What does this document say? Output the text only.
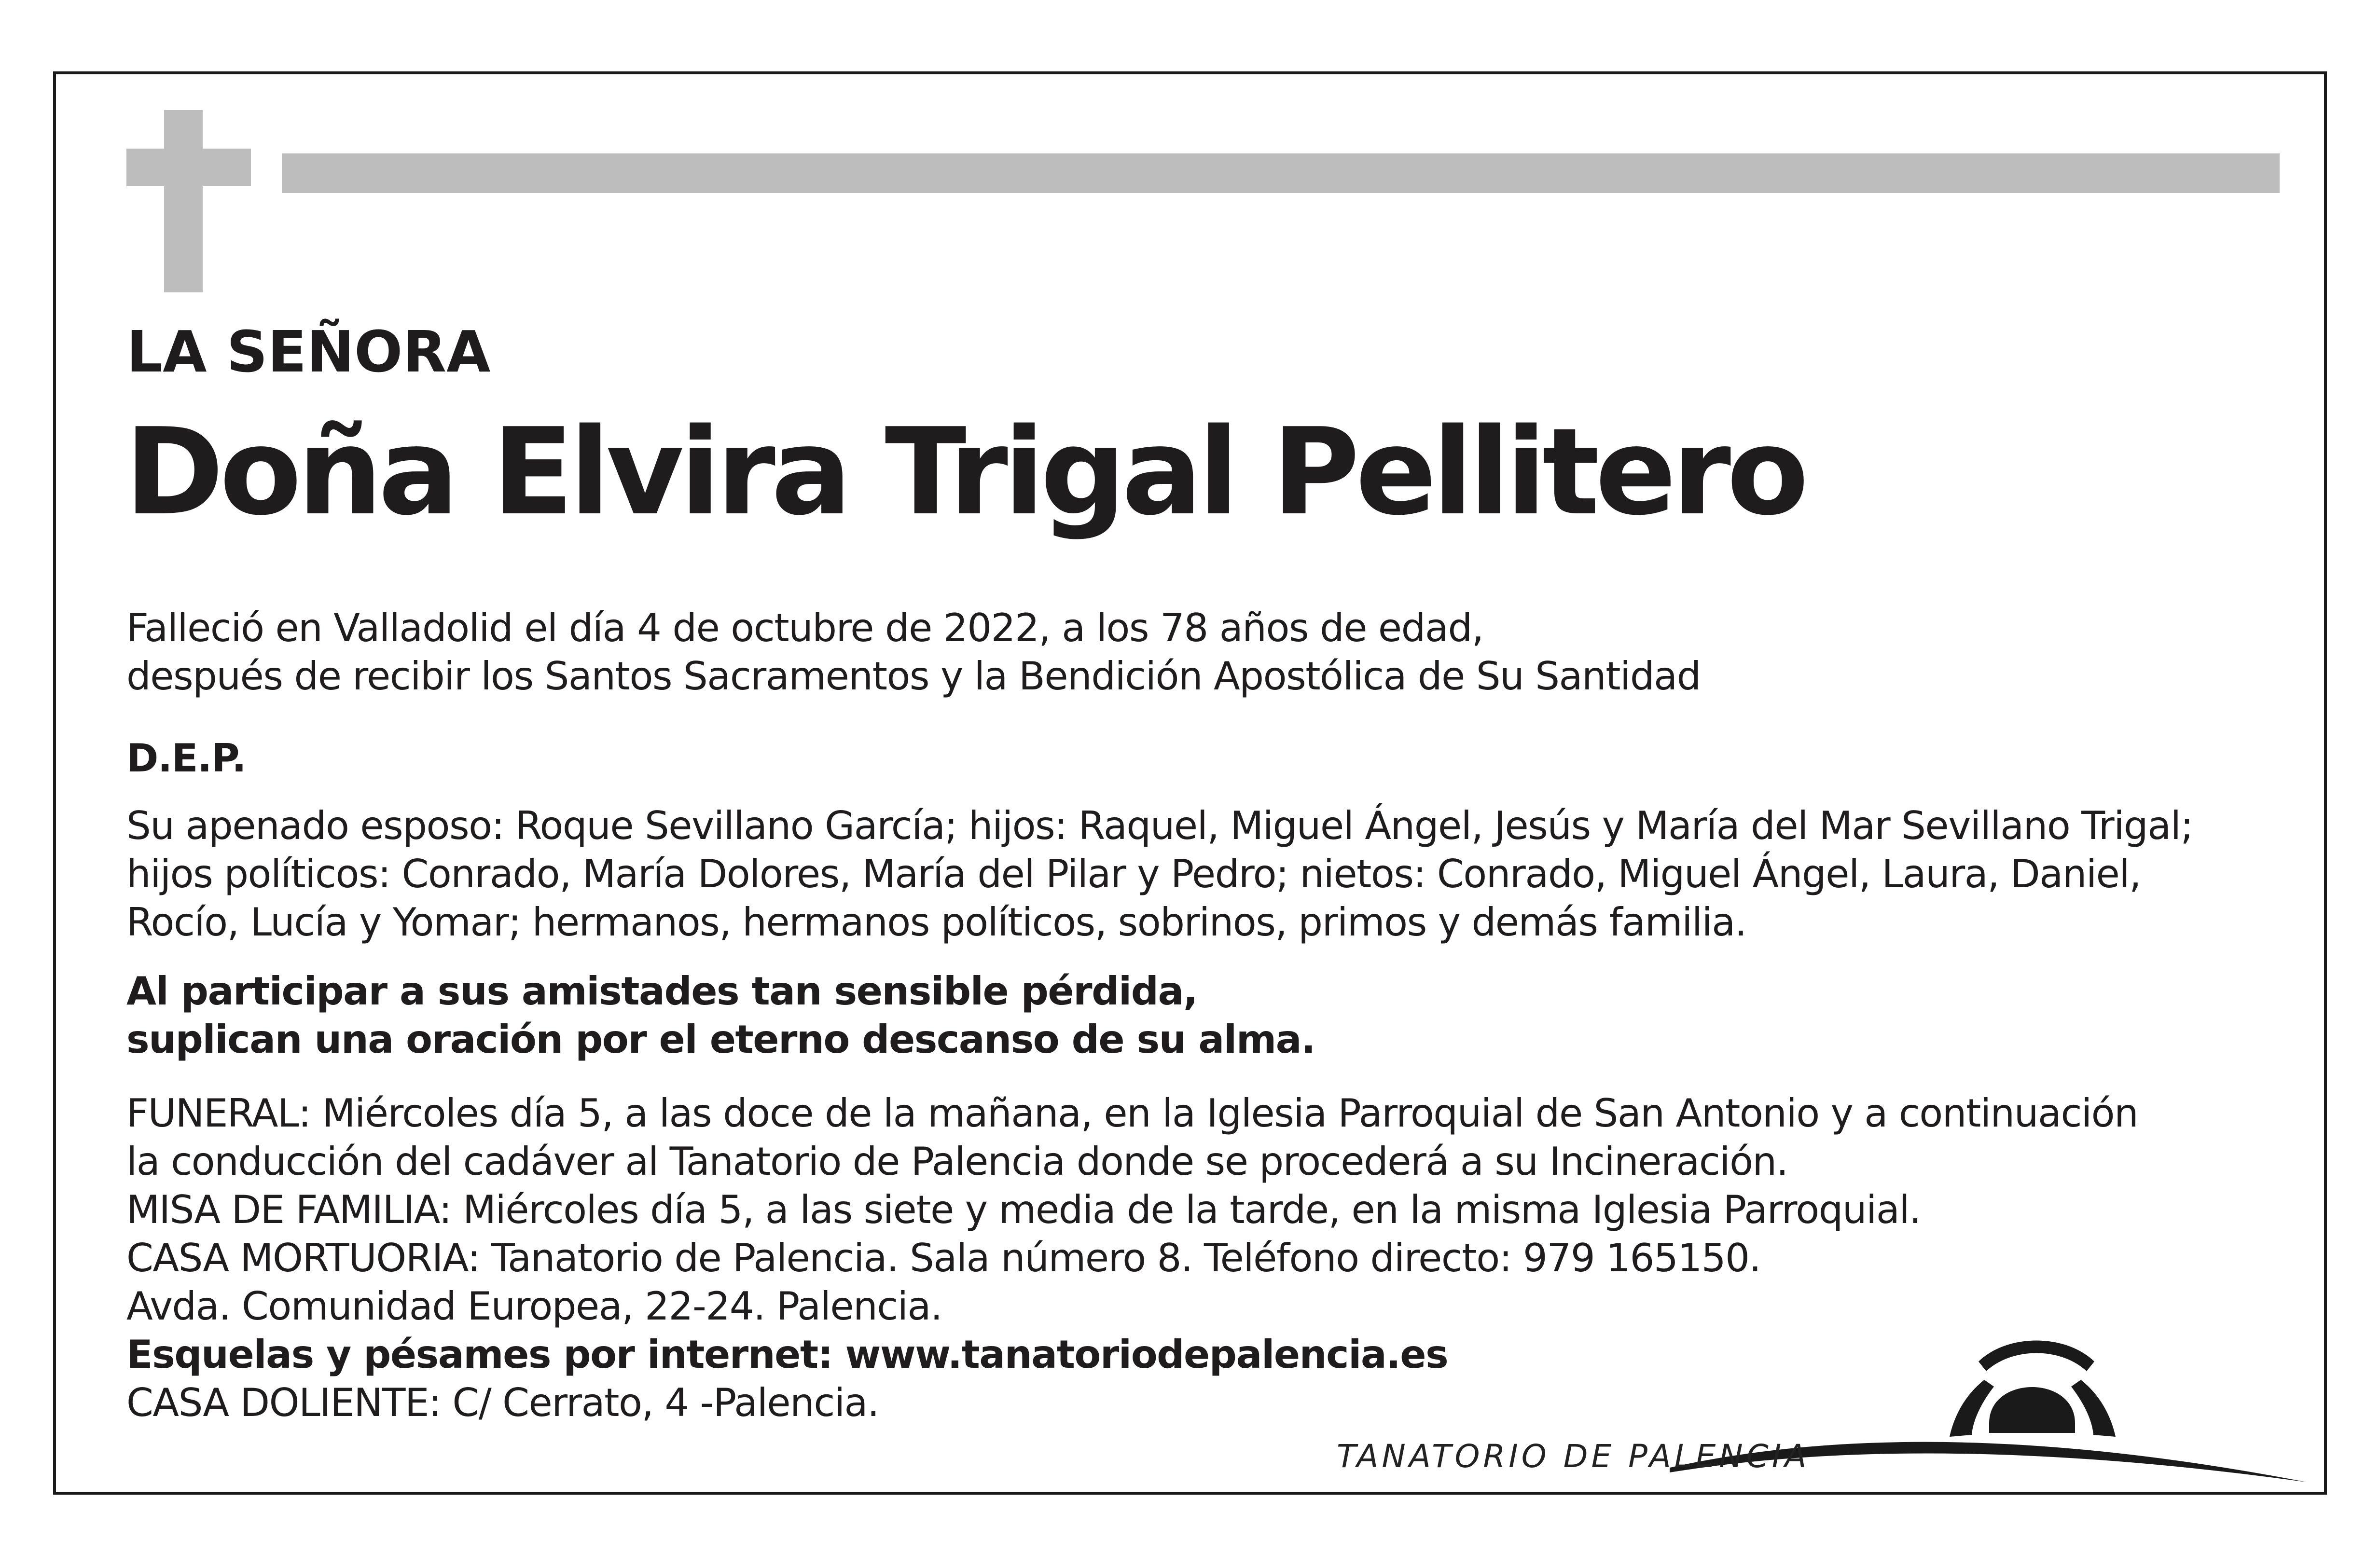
LA SEÑORA
Doña Elvira Trigal Pellitero

Falleció en Valladolid el día 4 de octubre de 2022, a los 78 años de edad,
después de recibir los Santos Sacramentos y la Bendición Apostólica de Su Santidad

D.E.P.

Su apenado esposo: Roque Sevillano García; hijos: Raquel, Miguel Ángel, Jesús y María del Mar Sevillano Trigal;
hijos políticos: Conrado, María Dolores, María del Pilar y Pedro; nietos: Conrado, Miguel Ángel, Laura, Daniel,
Rocío, Lucía y Yomar; hermanos, hermanos políticos, sobrinos, primos y demás familia.

Al participar a sus amistades tan sensible pérdida,
suplican una oración por el eterno descanso de su alma.

FUNERAL: Miércoles día 5, a las doce de la mañana, en la Iglesia Parroquial de San Antonio y a continuación
la conducción del cadáver al Tanatorio de Palencia donde se procederá a su Incineración.
MISA DE FAMILIA: Miércoles día 5, a las siete y media de la tarde, en la misma Iglesia Parroquial.
CASA MORTUORIA: Tanatorio de Palencia. Sala número 8. Teléfono directo: 979 165150.
Avda. Comunidad Europea, 22-24. Palencia.
Esquelas y pésames por internet: www.tanatoriodepalencia.es
CASA DOLIENTE: C/ Cerrato, 4 -Palencia.

TANATORIO DE PALENCIA
